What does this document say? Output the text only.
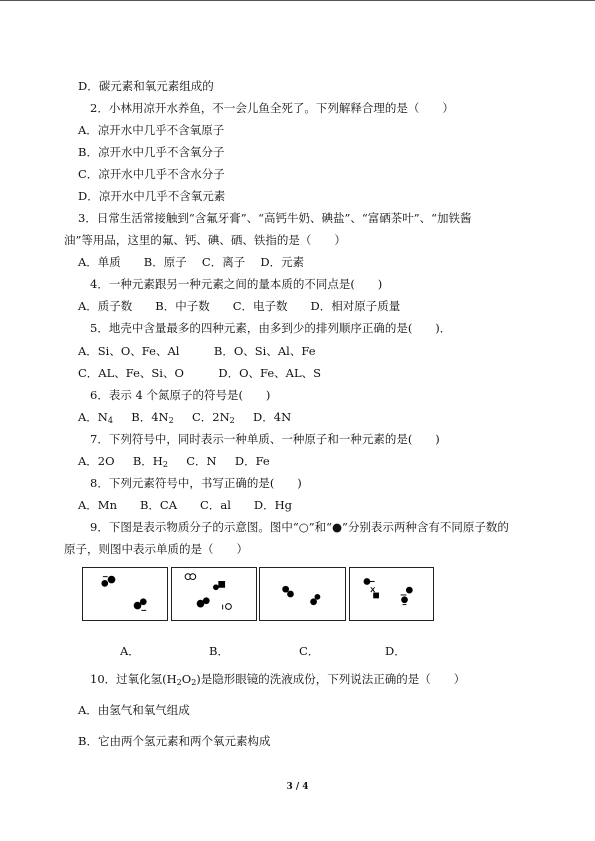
D．碳元素和氧元素组成的
2．小林用凉开水养鱼，不一会儿鱼全死了。下列解释合理的是（　　）
A．凉开水中几乎不含氧原子
B．凉开水中几乎不含氧分子
C．凉开水中几乎不含水分子
D．凉开水中几乎不含氧元素
3．日常生活常接触到“含氟牙膏”、“高钙牛奶、碘盐”、“富硒茶叶”、“加铁酱
油”等用品，这里的氟、钙、碘、硒、铁指的是（　　）
A．单质　　B．原子　 C．离子　 D．元素
4．一种元素跟另一种元素之间的量本质的不同点是(　　)
A．质子数　　B．中子数　　C．电子数　　D．相对原子质量
5．地壳中含量最多的四种元素，由多到少的排列顺序正确的是(　　)．
A．Si、O、Fe、Al　　　B．O、Si、Al、Fe
C．AL、Fe、Si、O　　　D．O、Fe、AL、S
6．表示 4 个氮原子的符号是(　　)
A．$N_4$ B．$4N_2$ C．$2N_2$ D．4N
7．下列符号中，同时表示一种单质、一种原子和一种元素的是(　　)
A．2O B．$H_2$ C．N D．Fe
8．下列元素符号中，书写正确的是(　　)
A．Mn　　B．CA　　C．al　　D．Hg
9．下图是表示物质分子的示意图。图中“○”和“●”分别表示两种含有不同原子数的
原子，则图中表示单质的是（　　）
A．	B．	C．	D．
10．过氧化氢$(H_2O_2)$是隐形眼镜的洗液成份，下列说法正确的是（　　）
A．由氢气和氧气组成
B．它由两个氢元素和两个氧元素构成
3 / 4
